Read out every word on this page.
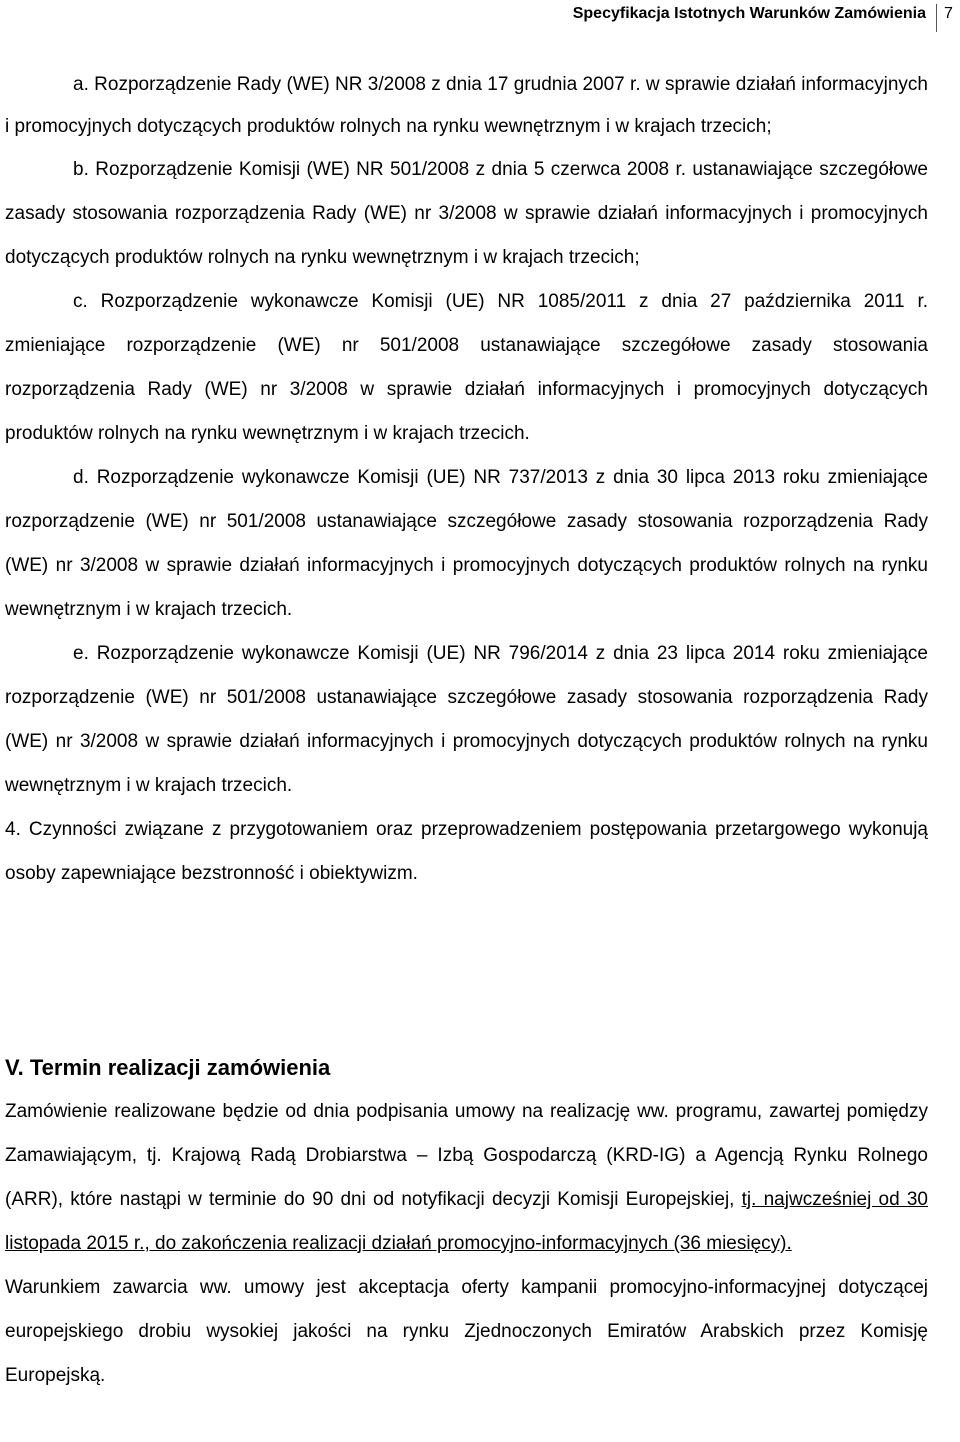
Specyfikacja Istotnych Warunków Zamówienia 7

a. Rozporządzenie Rady (WE) NR 3/2008 z dnia 17 grudnia 2007 r. w sprawie działań informacyjnych i promocyjnych dotyczących produktów rolnych na rynku wewnętrznym i w krajach trzecich;

b. Rozporządzenie Komisji (WE) NR 501/2008 z dnia 5 czerwca 2008 r. ustanawiające szczegółowe zasady stosowania rozporządzenia Rady (WE) nr 3/2008 w sprawie działań informacyjnych i promocyjnych dotyczących produktów rolnych na rynku wewnętrznym i w krajach trzecich;

c. Rozporządzenie wykonawcze Komisji (UE) NR 1085/2011 z dnia 27 października 2011 r. zmieniające rozporządzenie (WE) nr 501/2008 ustanawiające szczegółowe zasady stosowania rozporządzenia Rady (WE) nr 3/2008 w sprawie działań informacyjnych i promocyjnych dotyczących produktów rolnych na rynku wewnętrznym i w krajach trzecich.

d. Rozporządzenie wykonawcze Komisji (UE) NR 737/2013 z dnia 30 lipca 2013 roku zmieniające rozporządzenie (WE) nr 501/2008 ustanawiające szczegółowe zasady stosowania rozporządzenia Rady (WE) nr 3/2008 w sprawie działań informacyjnych i promocyjnych dotyczących produktów rolnych na rynku wewnętrznym i w krajach trzecich.

e. Rozporządzenie wykonawcze Komisji (UE) NR 796/2014 z dnia 23 lipca 2014 roku zmieniające rozporządzenie (WE) nr 501/2008 ustanawiające szczegółowe zasady stosowania rozporządzenia Rady (WE) nr 3/2008 w sprawie działań informacyjnych i promocyjnych dotyczących produktów rolnych na rynku wewnętrznym i w krajach trzecich.

4. Czynności związane z przygotowaniem oraz przeprowadzeniem postępowania przetargowego wykonują osoby zapewniające bezstronność i obiektywizm.

V. Termin realizacji zamówienia

Zamówienie realizowane będzie od dnia podpisania umowy na realizację ww. programu, zawartej pomiędzy Zamawiającym, tj. Krajową Radą Drobiarstwa – Izbą Gospodarczą (KRD-IG) a Agencją Rynku Rolnego (ARR), które nastąpi w terminie do 90 dni od notyfikacji decyzji Komisji Europejskiej, tj. najwcześniej od 30 listopada 2015 r., do zakończenia realizacji działań promocyjno-informacyjnych (36 miesięcy).

Warunkiem zawarcia ww. umowy jest akceptacja oferty kampanii promocyjno-informacyjnej dotyczącej europejskiego drobiu wysokiej jakości na rynku Zjednoczonych Emiratów Arabskich przez Komisję Europejską.
